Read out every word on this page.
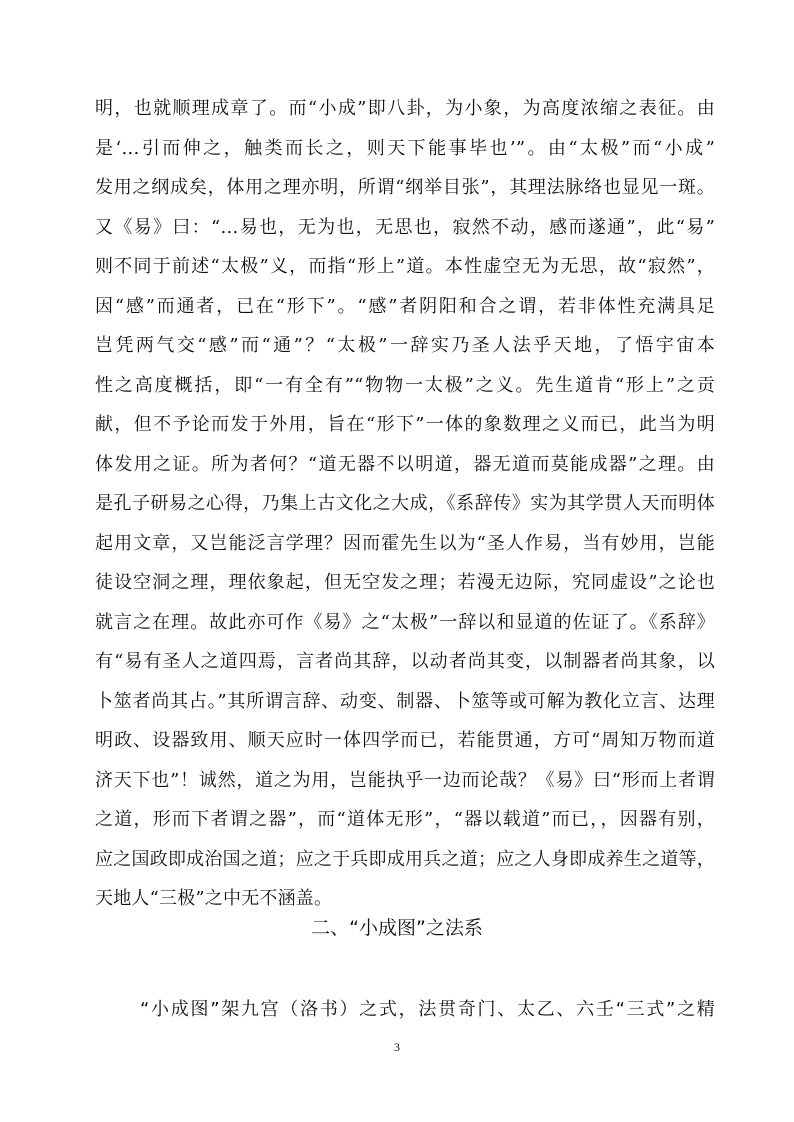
明，也就顺理成章了。而“小成”即八卦，为小象，为高度浓缩之表征。由
是‘…引而伸之，触类而长之，则天下能事毕也’”。由“太极”而“小成”
发用之纲成矣，体用之理亦明，所谓“纲举目张”，其理法脉络也显见一斑。
又《易》曰：“…易也，无为也，无思也，寂然不动，感而遂通”，此“易”
则不同于前述“太极”义，而指“形上”道。本性虚空无为无思，故“寂然”，
因“感”而通者，已在“形下”。“感”者阴阳和合之谓，若非体性充满具足
岂凭两气交“感”而“通”？“太极”一辞实乃圣人法乎天地，了悟宇宙本
性之高度概括，即“一有全有”“物物一太极”之义。先生道肯“形上”之贡
献，但不予论而发于外用，旨在“形下”一体的象数理之义而已，此当为明
体发用之证。所为者何？“道无器不以明道，器无道而莫能成器”之理。由
是孔子研易之心得，乃集上古文化之大成，《系辞传》实为其学贯人天而明体
起用文章，又岂能泛言学理？因而霍先生以为“圣人作易，当有妙用，岂能
徒设空洞之理，理依象起，但无空发之理；若漫无边际，究同虚设”之论也
就言之在理。故此亦可作《易》之“太极”一辞以和显道的佐证了。《系辞》
有“易有圣人之道四焉，言者尚其辞，以动者尚其变，以制器者尚其象，以
卜筮者尚其占。”其所谓言辞、动变、制器、卜筮等或可解为教化立言、达理
明政、设器致用、顺天应时一体四学而已，若能贯通，方可“周知万物而道
济天下也”！诚然，道之为用，岂能执乎一边而论哉？《易》曰“形而上者谓
之道，形而下者谓之器”，而“道体无形”，“器以载道”而已，，因器有别，
应之国政即成治国之道；应之于兵即成用兵之道；应之人身即成养生之道等，
天地人“三极”之中无不涵盖。
二、“小成图”之法系
“小成图”架九宫（洛书）之式，法贯奇门、太乙、六壬“三式”之精
3
